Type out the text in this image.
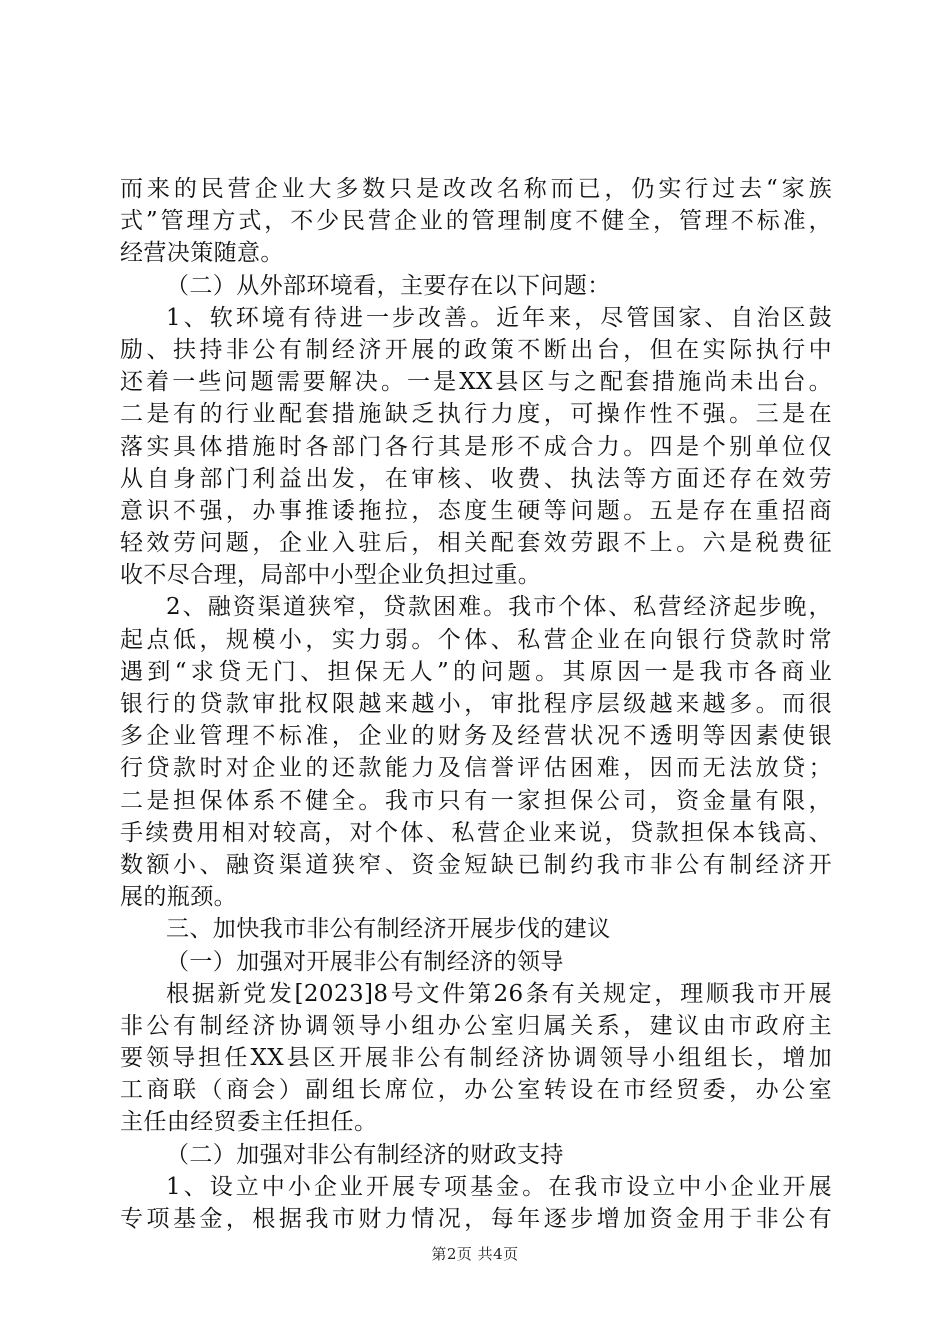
而来的民营企业大多数只是改改名称而已，仍实行过去“家族
式”管理方式，不少民营企业的管理制度不健全，管理不标准，
经营决策随意。
（二）从外部环境看，主要存在以下问题：
1、软环境有待进一步改善。近年来，尽管国家、自治区鼓
励、扶持非公有制经济开展的政策不断出台，但在实际执行中
还着一些问题需要解决。一是XX县区与之配套措施尚未出台。
二是有的行业配套措施缺乏执行力度，可操作性不强。三是在
落实具体措施时各部门各行其是形不成合力。四是个别单位仅
从自身部门利益出发，在审核、收费、执法等方面还存在效劳
意识不强，办事推诿拖拉，态度生硬等问题。五是存在重招商
轻效劳问题，企业入驻后，相关配套效劳跟不上。六是税费征
收不尽合理，局部中小型企业负担过重。
2、融资渠道狭窄，贷款困难。我市个体、私营经济起步晚，
起点低，规模小，实力弱。个体、私营企业在向银行贷款时常
遇到“求贷无门、担保无人”的问题。其原因一是我市各商业
银行的贷款审批权限越来越小，审批程序层级越来越多。而很
多企业管理不标准，企业的财务及经营状况不透明等因素使银
行贷款时对企业的还款能力及信誉评估困难，因而无法放贷；
二是担保体系不健全。我市只有一家担保公司，资金量有限，
手续费用相对较高，对个体、私营企业来说，贷款担保本钱高、
数额小、融资渠道狭窄、资金短缺已制约我市非公有制经济开
展的瓶颈。
三、加快我市非公有制经济开展步伐的建议
（一）加强对开展非公有制经济的领导
根据新党发[2023]8号文件第26条有关规定，理顺我市开展
非公有制经济协调领导小组办公室归属关系，建议由市政府主
要领导担任XX县区开展非公有制经济协调领导小组组长，增加
工商联（商会）副组长席位，办公室转设在市经贸委，办公室
主任由经贸委主任担任。
（二）加强对非公有制经济的财政支持
1、设立中小企业开展专项基金。在我市设立中小企业开展
专项基金，根据我市财力情况，每年逐步增加资金用于非公有
第2页 共4页
